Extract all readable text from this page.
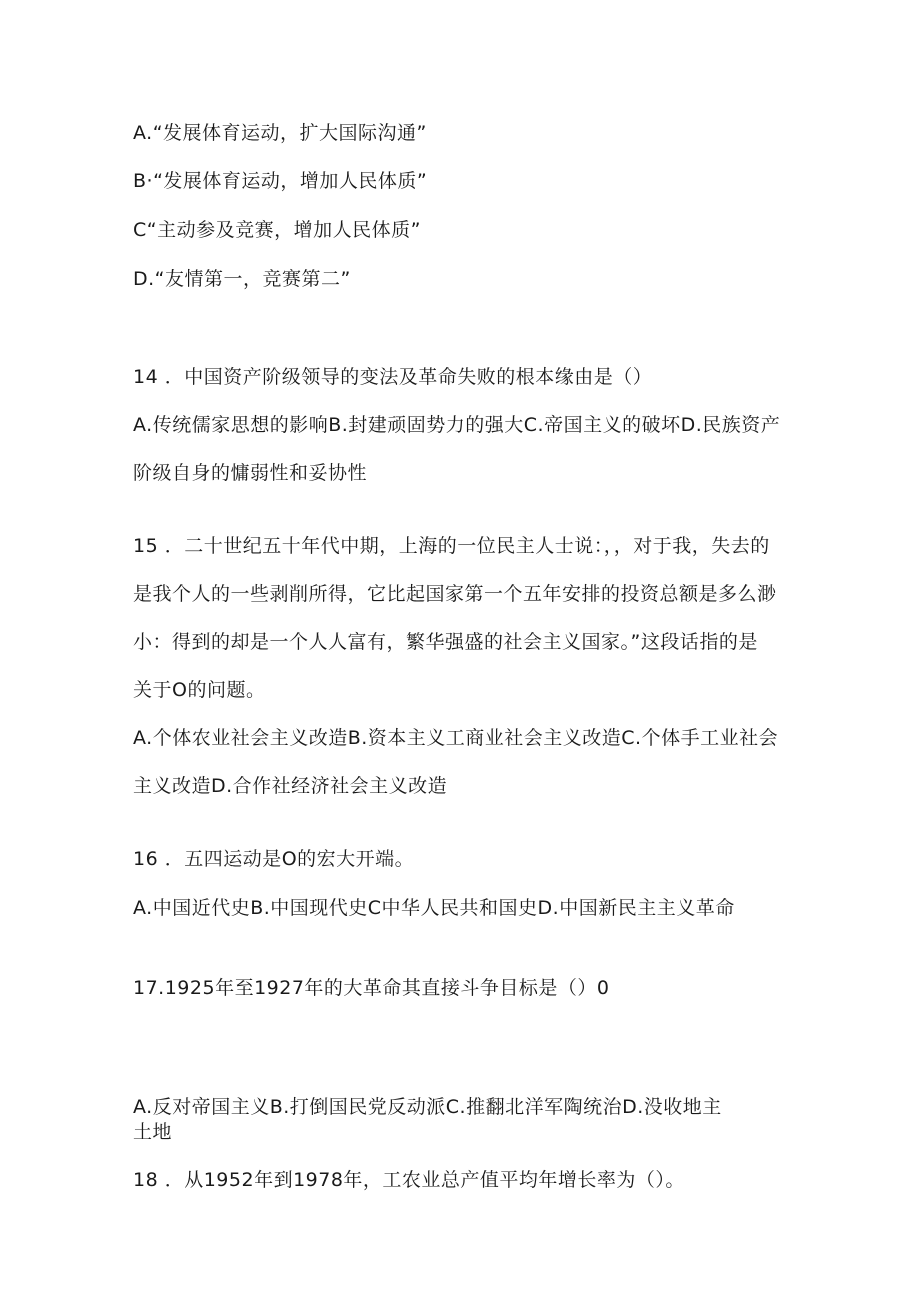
A.“发展体育运动，扩大国际沟通”
B·“发展体育运动，增加人民体质”
C“主动参及竞赛，增加人民体质”
D.“友情第一，竞赛第二”
14 ．中国资产阶级领导的变法及革命失败的根本缘由是（）
A.传统儒家思想的影响B.封建顽固势力的强大C.帝国主义的破坏D.民族资产
阶级自身的慵弱性和妥协性
15 ．二十世纪五十年代中期，上海的一位民主人士说：，，对于我，失去的
是我个人的一些剥削所得，它比起国家第一个五年安排的投资总额是多么渺
小：得到的却是一个人人富有，繁华强盛的社会主义国家。”这段话指的是
关于O的问题。
A.个体农业社会主义改造B.资本主义工商业社会主义改造C.个体手工业社会
主义改造D.合作社经济社会主义改造
16 ．五四运动是O的宏大开端。
A.中国近代史B.中国现代史C中华人民共和国史D.中国新民主主义革命
17.1925年至1927年的大革命其直接斗争目标是（）0
A.反对帝国主义B.打倒国民党反动派C.推翻北洋军陶统治D.没收地主
土地
18 ．从1952年到1978年，工农业总产值平均年增长率为（）。
